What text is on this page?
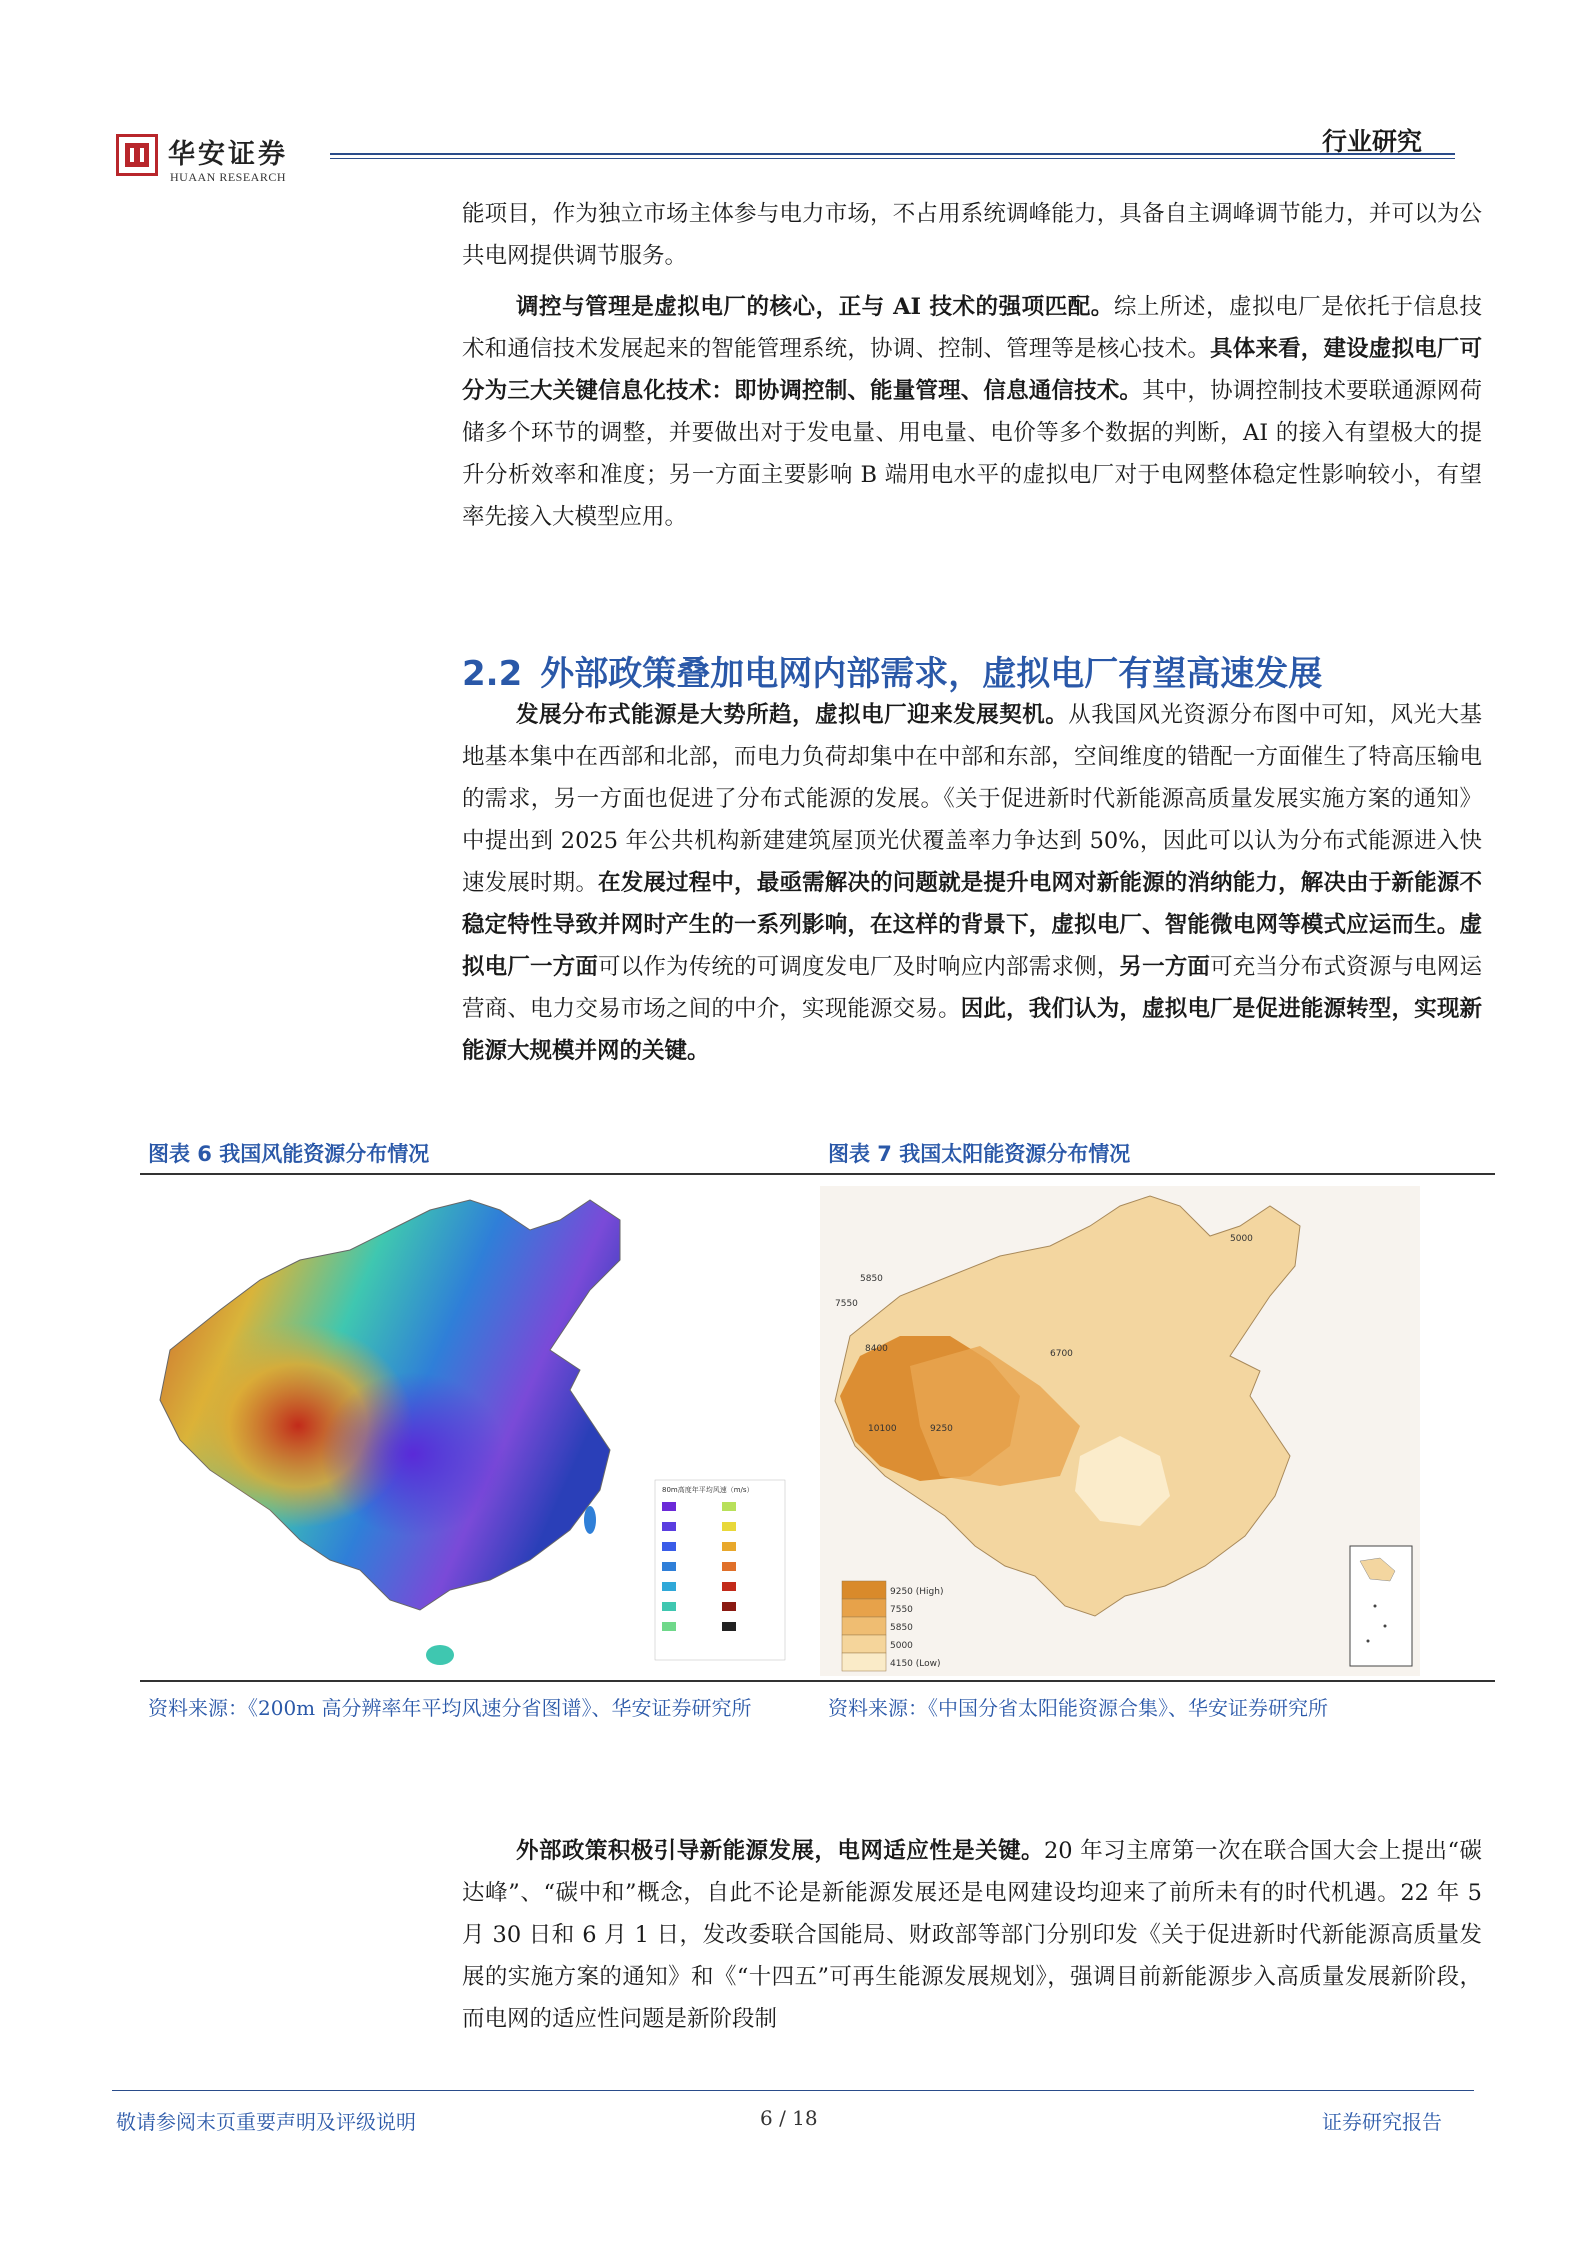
华安证券
HUAAN RESEARCH
行业研究
能项目，作为独立市场主体参与电力市场，不占用系统调峰能力，具备自主调峰调节能力，并可以为公共电网提供调节服务。
调控与管理是虚拟电厂的核心，正与 AI 技术的强项匹配。综上所述，虚拟电厂是依托于信息技术和通信技术发展起来的智能管理系统，协调、控制、管理等是核心技术。具体来看，建设虚拟电厂可分为三大关键信息化技术：即协调控制、能量管理、信息通信技术。其中，协调控制技术要联通源网荷储多个环节的调整，并要做出对于发电量、用电量、电价等多个数据的判断，AI 的接入有望极大的提升分析效率和准度；另一方面主要影响 B 端用电水平的虚拟电厂对于电网整体稳定性影响较小，有望率先接入大模型应用。
2.2 外部政策叠加电网内部需求，虚拟电厂有望高速发展
发展分布式能源是大势所趋，虚拟电厂迎来发展契机。从我国风光资源分布图中可知，风光大基地基本集中在西部和北部，而电力负荷却集中在中部和东部，空间维度的错配一方面催生了特高压输电的需求，另一方面也促进了分布式能源的发展。《关于促进新时代新能源高质量发展实施方案的通知》中提出到 2025 年公共机构新建建筑屋顶光伏覆盖率力争达到 50%，因此可以认为分布式能源进入快速发展时期。在发展过程中，最亟需解决的问题就是提升电网对新能源的消纳能力，解决由于新能源不稳定特性导致并网时产生的一系列影响，在这样的背景下，虚拟电厂、智能微电网等模式应运而生。虚拟电厂一方面可以作为传统的可调度发电厂及时响应内部需求侧，另一方面可充当分布式资源与电网运营商、电力交易市场之间的中介，实现能源交易。因此，我们认为，虚拟电厂是促进能源转型，实现新能源大规模并网的关键。
图表 6 我国风能资源分布情况	图表 7 我国太阳能资源分布情况
80m高度年平均风速（m/s）
5000
5850
6700
7550
8400
9250
10100
9250 (High)
7550
5850
5000
4150 (Low)
资料来源：《200m 高分辨率年平均风速分省图谱》、华安证券研究所	资料来源：《中国分省太阳能资源合集》、华安证券研究所
外部政策积极引导新能源发展，电网适应性是关键。20 年习主席第一次在联合国大会上提出“碳达峰”、“碳中和”概念，自此不论是新能源发展还是电网建设均迎来了前所未有的时代机遇。22 年 5 月 30 日和 6 月 1 日，发改委联合国能局、财政部等部门分别印发《关于促进新时代新能源高质量发展的实施方案的通知》和《“十四五”可再生能源发展规划》，强调目前新能源步入高质量发展新阶段，而电网的适应性问题是新阶段制
敬请参阅末页重要声明及评级说明	6 / 18	证券研究报告
